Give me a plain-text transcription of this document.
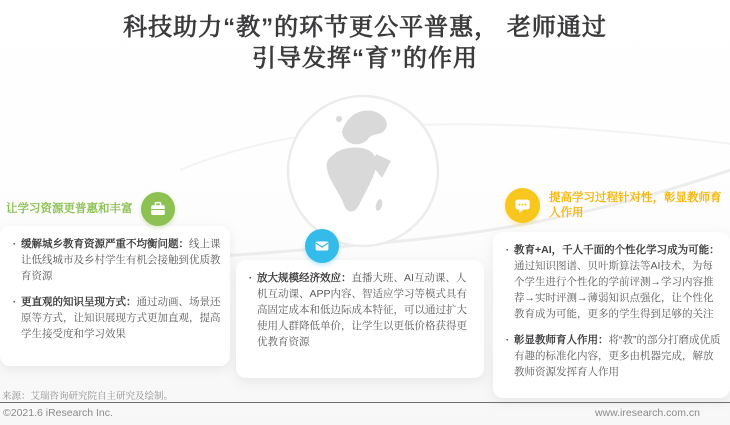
科技助力“教”的环节更公平普惠， 老师通过
引导发挥“育”的作用
让学习资源更普惠和丰富
·
缓解城乡教育资源严重不均衡问题：线上课让低线城市及乡村学生有机会接触到优质教育资源
·
更直观的知识呈现方式：通过动画、场景还原等方式，让知识展现方式更加直观，提高学生接受度和学习效果
·
放大规模经济效应：直播大班、AI互动课、人机互动课、APP内容、智适应学习等模式具有高固定成本和低边际成本特征，可以通过扩大使用人群降低单价，让学生以更低价格获得更优教育资源
提高学习过程针对性，彰显教师育人作用
·
教育+AI，千人千面的个性化学习成为可能：通过知识图谱、贝叶斯算法等AI技术，为每个学生进行个性化的学前评测→学习内容推荐→实时评测→薄弱知识点强化，让个性化教育成为可能，更多的学生得到足够的关注
·
彰显教师育人作用：将“教”的部分打磨成优质有趣的标准化内容，更多由机器完成，解放教师资源发挥育人作用
来源：艾瑞咨询研究院自主研究及绘制。
©2021.6 iResearch Inc.	www.iresearch.com.cn
